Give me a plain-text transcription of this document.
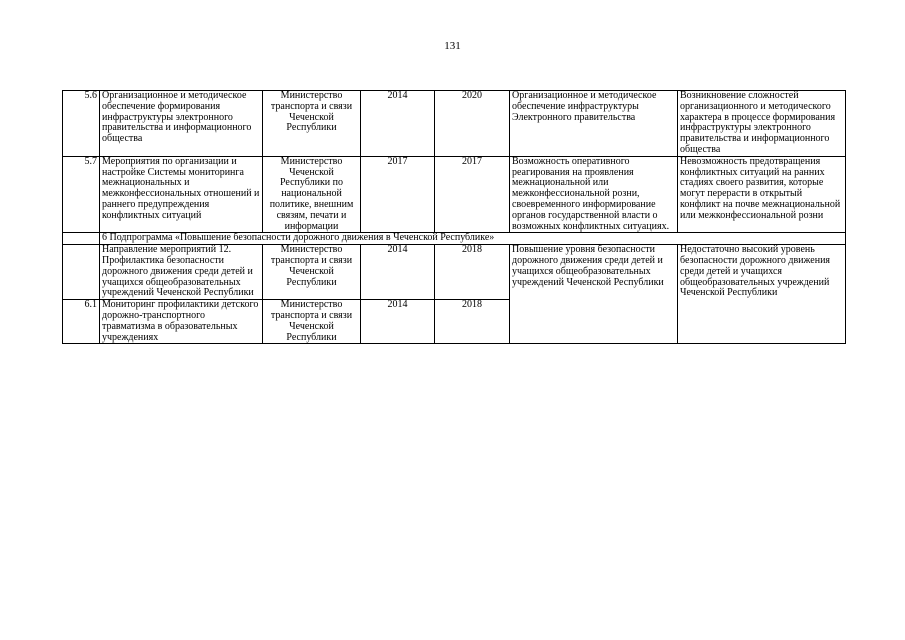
131
5.6	Организационное и методическое обеспечение формирования инфраструктуры электронного правительства и информационного общества	Министерство транспорта и связи Чеченской Республики	2014	2020	Организационное и методическое обеспечение инфраструктуры Электронного правительства	Возникновение сложностей организационного и методического характера в процессе формирования инфраструктуры электронного правительства и информационного общества
5.7	Мероприятия по организации и настройке Системы мониторинга межнациональных и межконфессиональных отношений и раннего предупреждения конфликтных ситуаций	Министерство Чеченской Республики по национальной политике, внешним связям, печати и информации	2017	2017	Возможность оперативного реагирования на проявления межнациональной или межконфессиональной розни, своевременного информирование органов государственной власти о возможных конфликтных ситуациях.	Невозможность предотвращения конфликтных ситуаций на ранних стадиях своего развития, которые могут перерасти в открытый конфликт на почве межнациональной или межконфессиональной розни
	6 Подпрограмма «Повышение безопасности дорожного движения в Чеченской Республике»					
	Направление мероприятий 12. Профилактика безопасности дорожного движения среди детей и учащихся общеобразовательных учреждений Чеченской Республики	Министерство транспорта и связи Чеченской Республики	2014	2018	Повышение уровня безопасности дорожного движения среди детей и учащихся общеобразовательных учреждений Чеченской Республики	Недостаточно высокий уровень безопасности дорожного движения среди детей и учащихся общеобразовательных учреждений Чеченской Республики
6.1	Мониторинг профилактики детского дорожно-транспортного травматизма в образовательных учреждениях	Министерство транспорта и связи Чеченской Республики	2014	2018		
